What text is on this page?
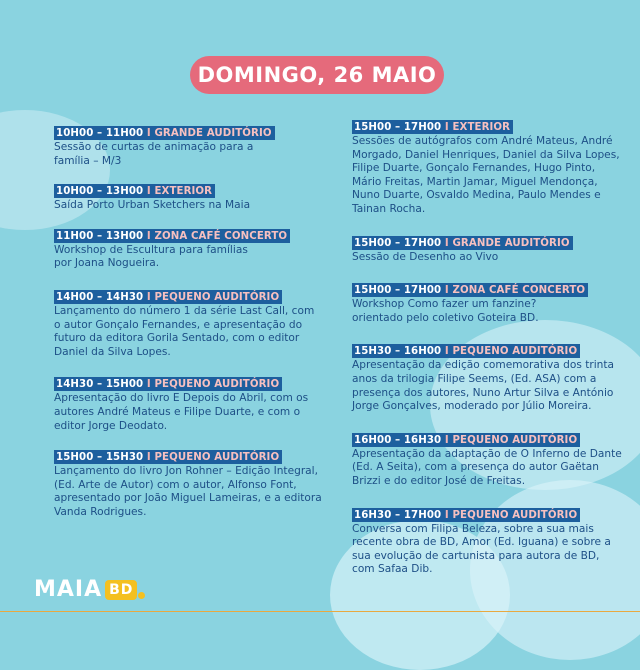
DOMINGO, 26 MAIO
10H00 – 11H00 I GRANDE AUDITÓRIO
Sessão de curtas de animação para a família – M/3
10H00 – 13H00 I EXTERIOR
Saída Porto Urban Sketchers na Maia
11H00 – 13H00 I ZONA CAFÉ CONCERTO
Workshop de Escultura para famílias por Joana Nogueira.
14H00 – 14H30 I PEQUENO AUDITÓRIO
Lançamento do número 1 da série Last Call, com o autor Gonçalo Fernandes, e apresentação do futuro da editora Gorila Sentado, com o editor Daniel da Silva Lopes.
14H30 – 15H00 I PEQUENO AUDITÓRIO
Apresentação do livro E Depois do Abril, com os autores André Mateus e Filipe Duarte, e com o editor Jorge Deodato.
15H00 – 15H30 I PEQUENO AUDITÓRIO
Lançamento do livro Jon Rohner – Edição Integral, (Ed. Arte de Autor) com o autor, Alfonso Font, apresentado por João Miguel Lameiras, e a editora Vanda Rodrigues.
15H00 – 17H00 I EXTERIOR
Sessões de autógrafos com André Mateus, André Morgado, Daniel Henriques, Daniel da Silva Lopes, Filipe Duarte, Gonçalo Fernandes, Hugo Pinto, Mário Freitas, Martin Jamar, Miguel Mendonça, Nuno Duarte, Osvaldo Medina, Paulo Mendes e Tainan Rocha.
15H00 – 17H00 I GRANDE AUDITÓRIO
Sessão de Desenho ao Vivo
15H00 – 17H00 I ZONA CAFÉ CONCERTO
Workshop Como fazer um fanzine? orientado pelo coletivo Goteira BD.
15H30 – 16H00 I PEQUENO AUDITÓRIO
Apresentação da edição comemorativa dos trinta anos da trilogia Filipe Seems, (Ed. ASA) com a presença dos autores, Nuno Artur Silva e António Jorge Gonçalves, moderado por Júlio Moreira.
16H00 – 16H30 I PEQUENO AUDITÓRIO
Apresentação da adaptação de O Inferno de Dante (Ed. A Seita), com a presença do autor Gaëtan Brizzi e do editor José de Freitas.
16H30 – 17H00 I PEQUENO AUDITÓRIO
Conversa com Filipa Beleza, sobre a sua mais recente obra de BD, Amor (Ed. Iguana) e sobre a sua evolução de cartunista para autora de BD, com Safaa Dib.
MAIA BD
